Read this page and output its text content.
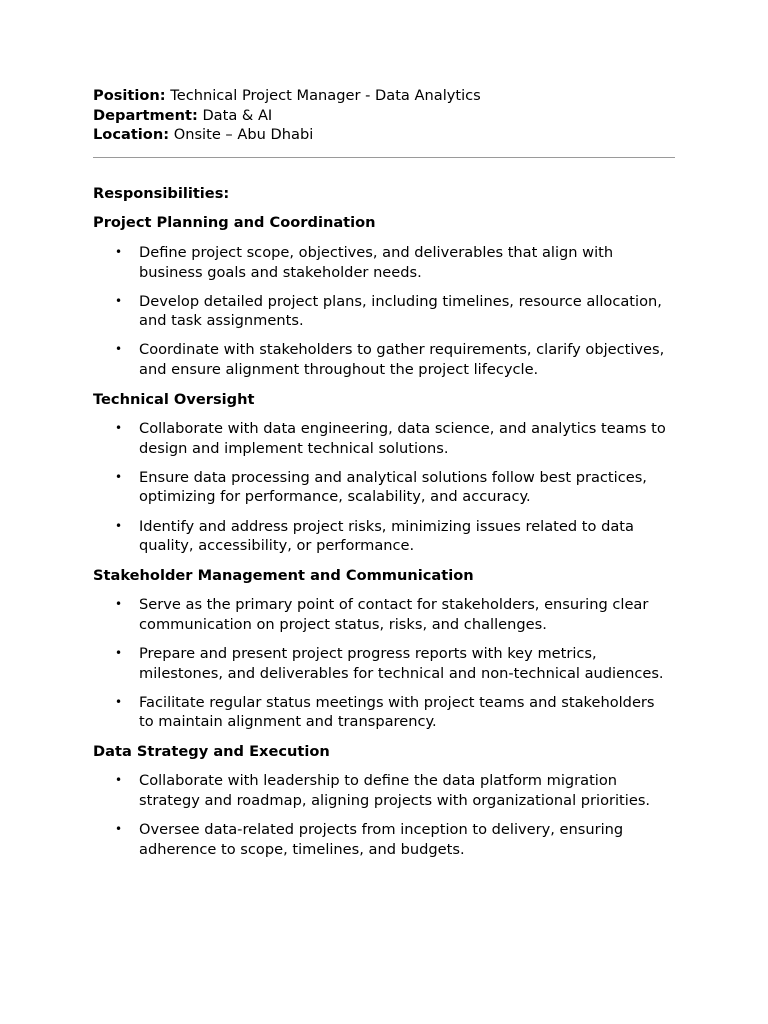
Position: Technical Project Manager - Data Analytics

Department: Data & AI

Location: Onsite – Abu Dhabi

Responsibilities:

Project Planning and Coordination

• Define project scope, objectives, and deliverables that align with business goals and stakeholder needs.
• Develop detailed project plans, including timelines, resource allocation, and task assignments.
• Coordinate with stakeholders to gather requirements, clarify objectives, and ensure alignment throughout the project lifecycle.

Technical Oversight

• Collaborate with data engineering, data science, and analytics teams to design and implement technical solutions.
• Ensure data processing and analytical solutions follow best practices, optimizing for performance, scalability, and accuracy.
• Identify and address project risks, minimizing issues related to data quality, accessibility, or performance.

Stakeholder Management and Communication

• Serve as the primary point of contact for stakeholders, ensuring clear communication on project status, risks, and challenges.
• Prepare and present project progress reports with key metrics, milestones, and deliverables for technical and non-technical audiences.
• Facilitate regular status meetings with project teams and stakeholders to maintain alignment and transparency.

Data Strategy and Execution

• Collaborate with leadership to define the data platform migration strategy and roadmap, aligning projects with organizational priorities.
• Oversee data-related projects from inception to delivery, ensuring adherence to scope, timelines, and budgets.
